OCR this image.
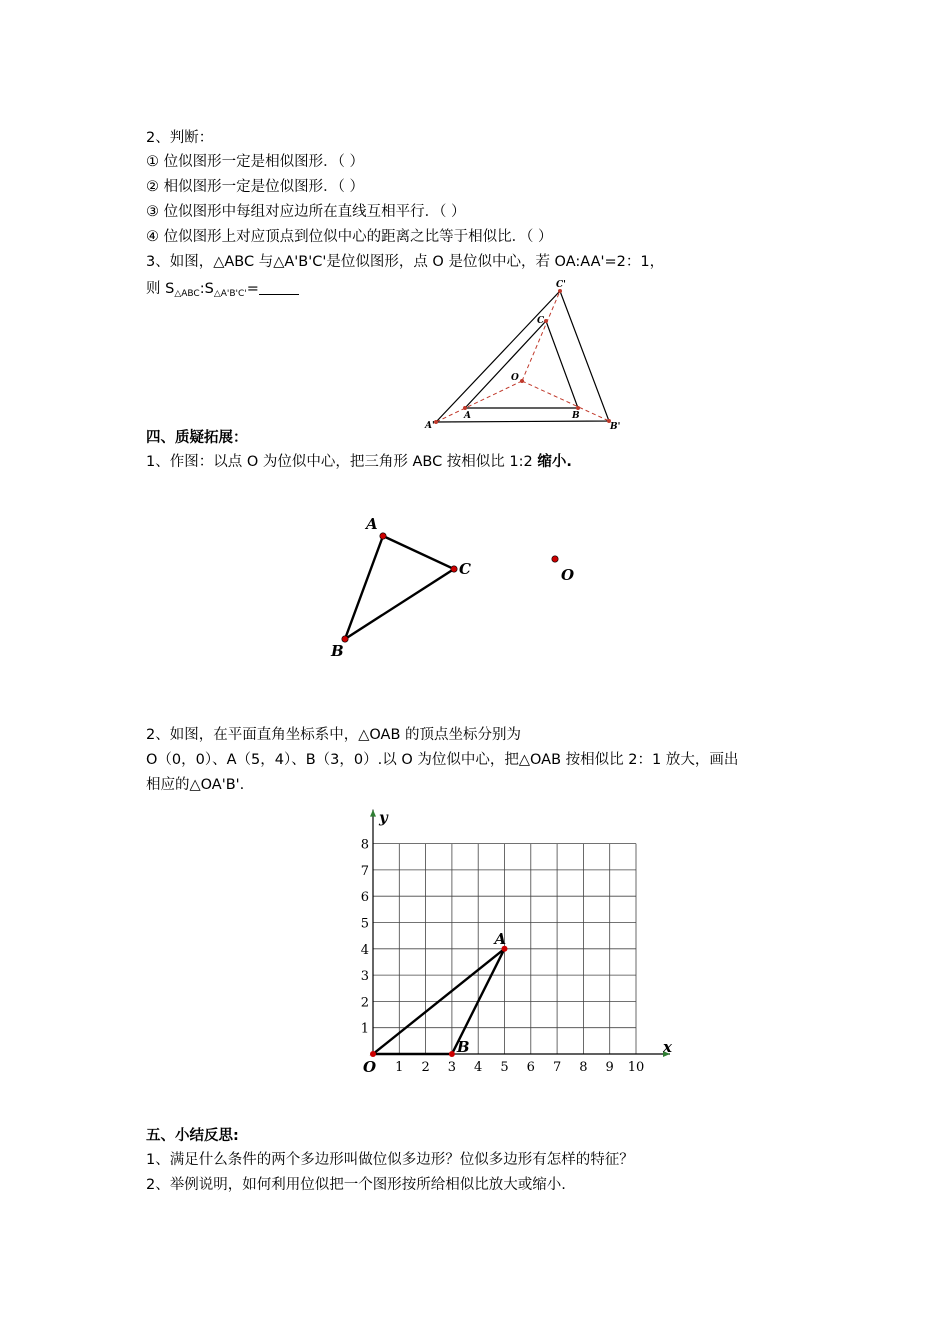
2、判断：
① 位似图形一定是相似图形．（ ）
② 相似图形一定是位似图形．（ ）
③ 位似图形中每组对应边所在直线互相平行．（ ）
④ 位似图形上对应顶点到位似中心的距离之比等于相似比．（ ）
3、如图，△ABC 与△A'B'C'是位似图形，点 O 是位似中心，若 OA:AA'=2：1，
则 $S_{\triangle ABC}:S_{\triangle A'B'C'}=$	C'
C
O
A	B
A'	B'
四、质疑拓展：
1、作图：以点 O 为位似中心，把三角形 ABC 按相似比 1:2 缩小.
A
C
B
O
2、如图，在平面直角坐标系中，△OAB 的顶点坐标分别为
O（0，0）、A（5，4）、B（3，0）.以 O 为位似中心，把△OAB 按相似比 2：1 放大，画出
相应的△OA'B'.
x
y
1 2 3 4 5 6 7 8 9 10
1
2
3
4
5
6
7
8
O
A
B
五、小结反思:
1、满足什么条件的两个多边形叫做位似多边形？位似多边形有怎样的特征？
2、举例说明，如何利用位似把一个图形按所给相似比放大或缩小.
